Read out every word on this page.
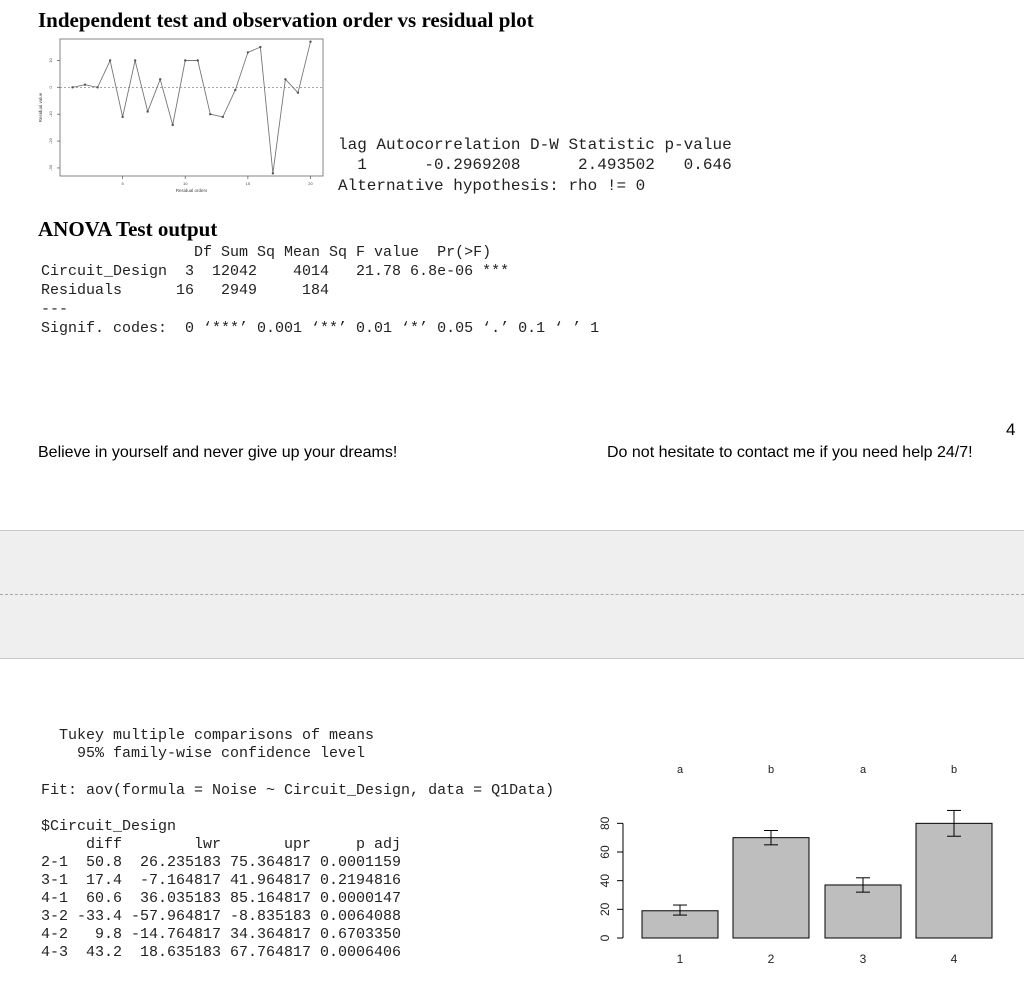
Independent test and observation order vs residual plot
10
0
-10
-20
-30
5	10	15	20
Residual orders
Residual value
lag Autocorrelation D-W Statistic p-value
1      -0.2969208      2.493502   0.646
Alternative hypothesis: rho != 0
ANOVA Test output
Df Sum Sq Mean Sq F value  Pr(>F)
Circuit_Design  3  12042    4014   21.78 6.8e-06 ***
Residuals      16   2949     184
---
Signif. codes:  0 ‘***’ 0.001 ‘**’ 0.01 ‘*’ 0.05 ‘.’ 0.1 ‘ ’ 1
4
Believe in yourself and never give up your dreams!	Do not hesitate to contact me if you need help 24/7!
Tukey multiple comparisons of means
95% family-wise confidence level
Fit: aov(formula = Noise ~ Circuit_Design, data = Q1Data)
$Circuit_Design
diff        lwr       upr     p adj
2-1  50.8  26.235183 75.364817 0.0001159
3-1  17.4  -7.164817 41.964817 0.2194816
4-1  60.6  36.035183 85.164817 0.0000147
3-2 -33.4 -57.964817 -8.835183 0.0064088
4-2   9.8 -14.764817 34.364817 0.6703350
4-3  43.2  18.635183 67.764817 0.0006406
0
20
40
60
80
a
1
b
2
a
3
b
4
